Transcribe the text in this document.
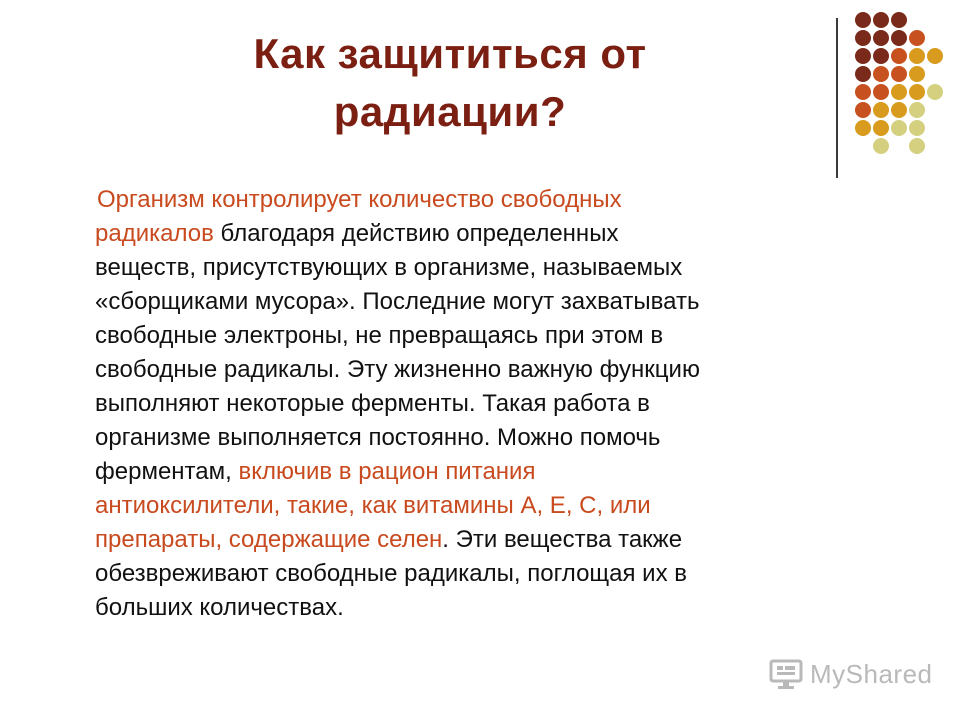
Как защититься от
радиации?
Организм контролирует количество свободных
радикалов благодаря действию определенных
веществ, присутствующих в организме, называемых
«сборщиками мусора». Последние могут захватывать
свободные электроны, не превращаясь при этом в
свободные радикалы. Эту жизненно важную функцию
выполняют некоторые ферменты. Такая работа в
организме выполняется постоянно. Можно помочь
ферментам, включив в рацион питания
антиоксилители, такие, как витамины А, Е, С, или
препараты, содержащие селен. Эти вещества также
обезвреживают свободные радикалы, поглощая их в
больших количествах.
MyShared
